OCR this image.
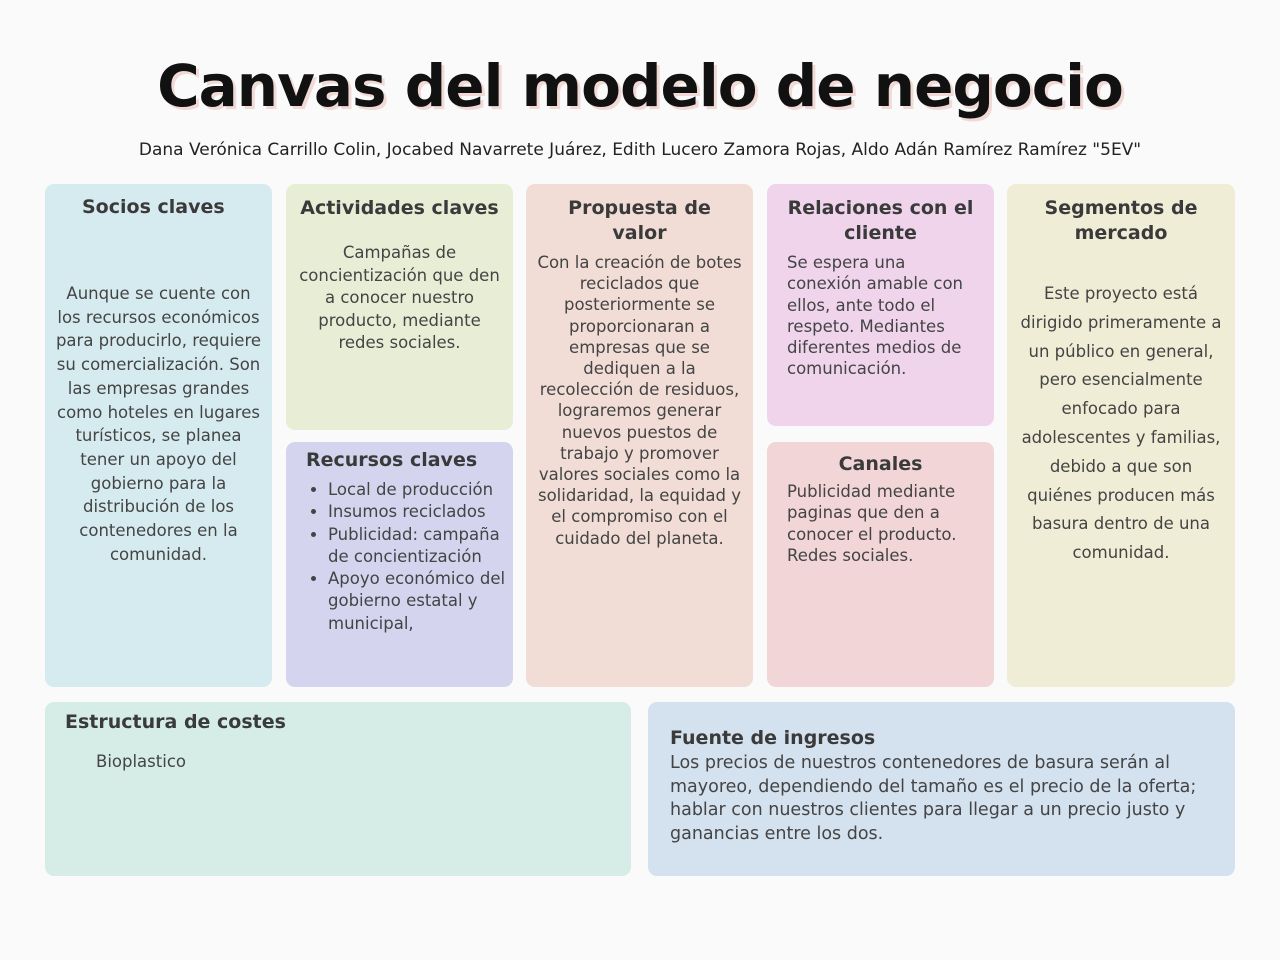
Canvas del modelo de negocio
Dana Verónica Carrillo Colin, Jocabed Navarrete Juárez, Edith Lucero Zamora Rojas, Aldo Adán Ramírez Ramírez "5EV"
Socios claves

Aunque se cuente con los recursos económicos para producirlo, requiere su comercialización. Son las empresas grandes como hoteles en lugares turísticos, se planea tener un apoyo del gobierno para la distribución de los contenedores en la comunidad.

Actividades claves

Campañas de concientización que den a conocer nuestro producto, mediante redes sociales.

Recursos claves
• Local de producción
• Insumos reciclados
• Publicidad: campaña de concientización
• Apoyo económico del gobierno estatal y municipal,
Propuesta de valor

Con la creación de botes reciclados que posteriormente se proporcionaran a empresas que se dediquen a la recolección de residuos, lograremos generar nuevos puestos de trabajo y promover valores sociales como la solidaridad, la equidad y el compromiso con el cuidado del planeta.

Relaciones con el cliente

Se espera una conexión amable con ellos, ante todo el respeto. Mediantes diferentes medios de comunicación.

Canales

Publicidad mediante paginas que den a conocer el producto. Redes sociales.

Segmentos de mercado

Este proyecto está dirigido primeramente a un público en general, pero esencialmente enfocado para adolescentes y familias, debido a que son quiénes producen más basura dentro de una comunidad.

Estructura de costes

Bioplastico

Fuente de ingresos

Los precios de nuestros contenedores de basura serán al mayoreo, dependiendo del tamaño es el precio de la oferta; hablar con nuestros clientes para llegar a un precio justo y ganancias entre los dos.
